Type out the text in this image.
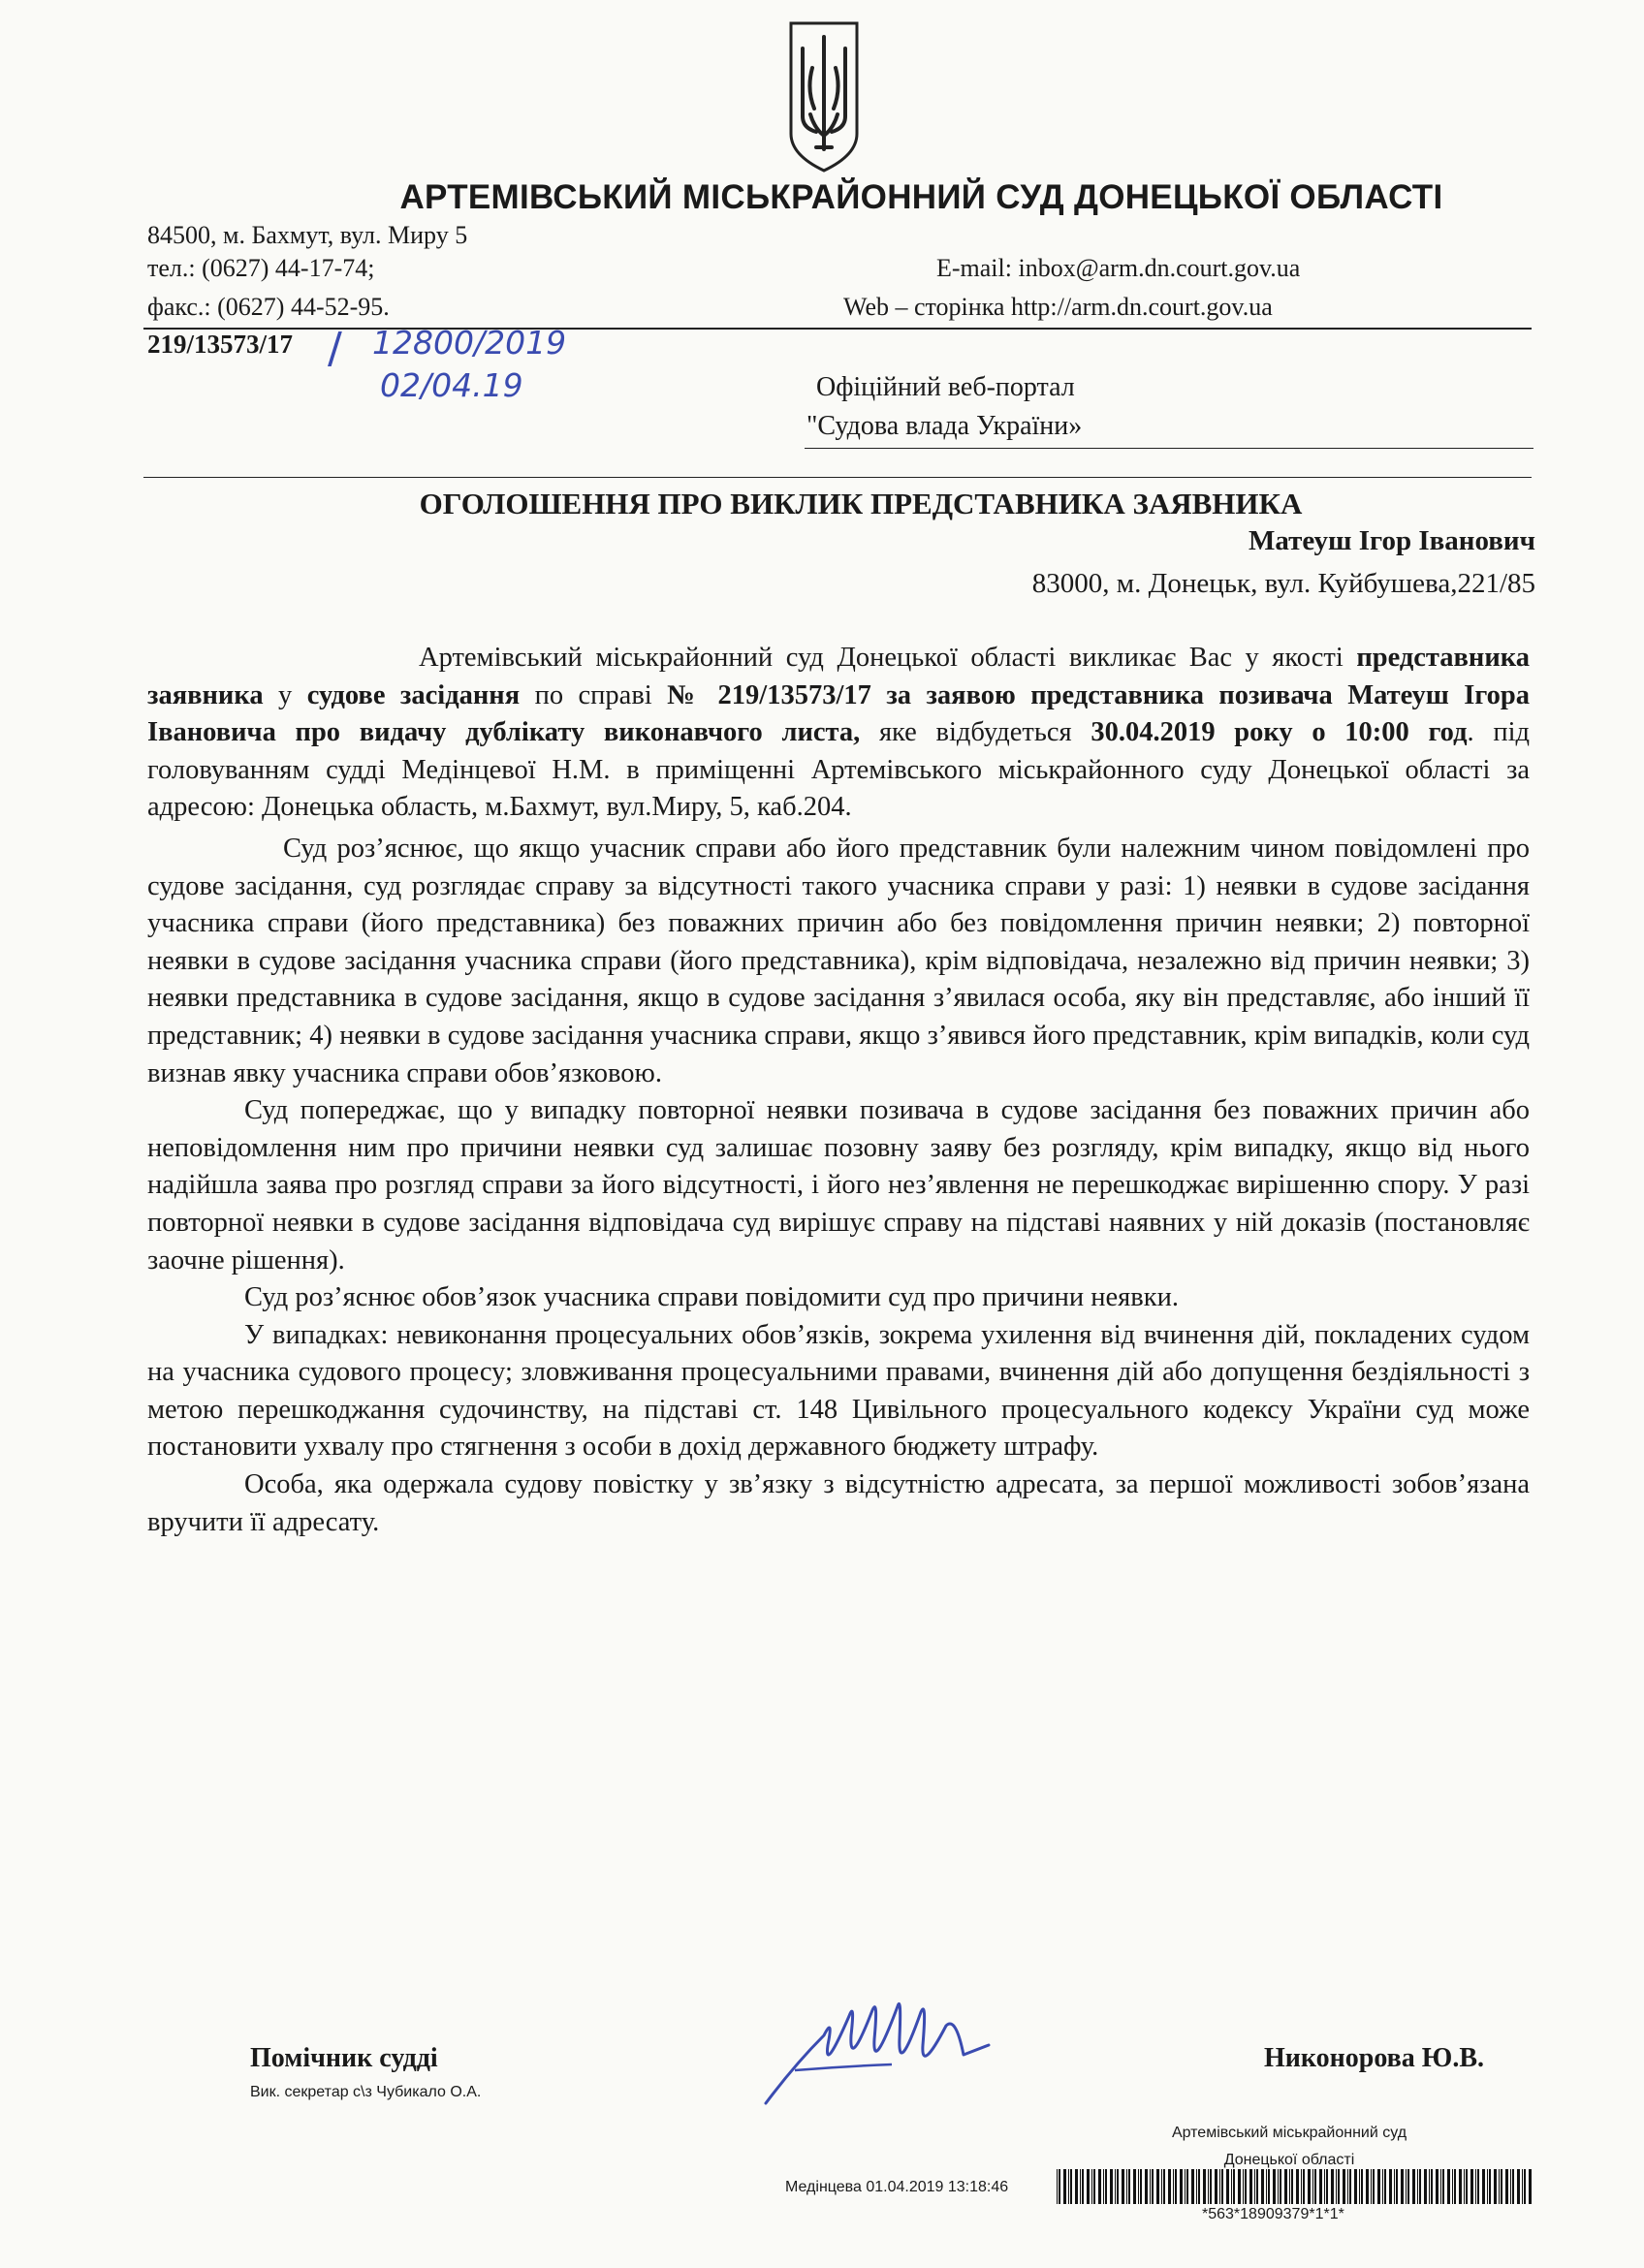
АРТЕМІВСЬКИЙ МІСЬКРАЙОННИЙ СУД ДОНЕЦЬКОЇ ОБЛАСТІ
84500, м. Бахмут, вул. Миру 5
тел.: (0627) 44-17-74;
факс.: (0627) 44-52-95.
E-mail: inbox@arm.dn.court.gov.ua
Web – сторінка http://arm.dn.court.gov.ua
219/13573/17 / 12800/2019
02/04.19	Офіційний веб-портал
"Судова влада України»
ОГОЛОШЕННЯ ПРО ВИКЛИК ПРЕДСТАВНИКА ЗАЯВНИКА
Матеуш Ігор Іванович
83000, м. Донецьк, вул. Куйбушева,221/85

Артемівський міськрайонний суд Донецької області викликає Вас у якості представника заявника у судове засідання по справі № 219/13573/17 за заявою представника позивача Матеуш Ігора Івановича про видачу дублікату виконавчого листа, яке відбудеться 30.04.2019 року о 10:00 год. під головуванням судді Медінцевої Н.М. в приміщенні Артемівського міськрайонного суду Донецької області за адресою: Донецька область, м.Бахмут, вул.Миру, 5, каб.204.

Суд роз’яснює, що якщо учасник справи або його представник були належним чином повідомлені про судове засідання, суд розглядає справу за відсутності такого учасника справи у разі: 1) неявки в судове засідання учасника справи (його представника) без поважних причин або без повідомлення причин неявки; 2) повторної неявки в судове засідання учасника справи (його представника), крім відповідача, незалежно від причин неявки; 3) неявки представника в судове засідання, якщо в судове засідання з’явилася особа, яку він представляє, або інший її представник; 4) неявки в судове засідання учасника справи, якщо з’явився його представник, крім випадків, коли суд визнав явку учасника справи обов’язковою.

Суд попереджає, що у випадку повторної неявки позивача в судове засідання без поважних причин або неповідомлення ним про причини неявки суд залишає позовну заяву без розгляду, крім випадку, якщо від нього надійшла заява про розгляд справи за його відсутності, і його нез’явлення не перешкоджає вирішенню спору. У разі повторної неявки в судове засідання відповідача суд вирішує справу на підставі наявних у ній доказів (постановляє заочне рішення).

Суд роз’яснює обов’язок учасника справи повідомити суд про причини неявки.

У випадках: невиконання процесуальних обов’язків, зокрема ухилення від вчинення дій, покладених судом на учасника судового процесу; зловживання процесуальними правами, вчинення дій або допущення бездіяльності з метою перешкоджання судочинству, на підставі ст. 148 Цивільного процесуального кодексу України суд може постановити ухвалу про стягнення з особи в дохід державного бюджету штрафу.

Особа, яка одержала судову повістку у зв’язку з відсутністю адресата, за першої можливості зобов’язана вручити її адресату.

Помічник судді
Вик. секретар с\з Чубикало О.А.
Никонорова Ю.В.
Артемівський міськрайонний суд
Донецької області
Медінцева 01.04.2019 13:18:46
*563*18909379*1*1*
